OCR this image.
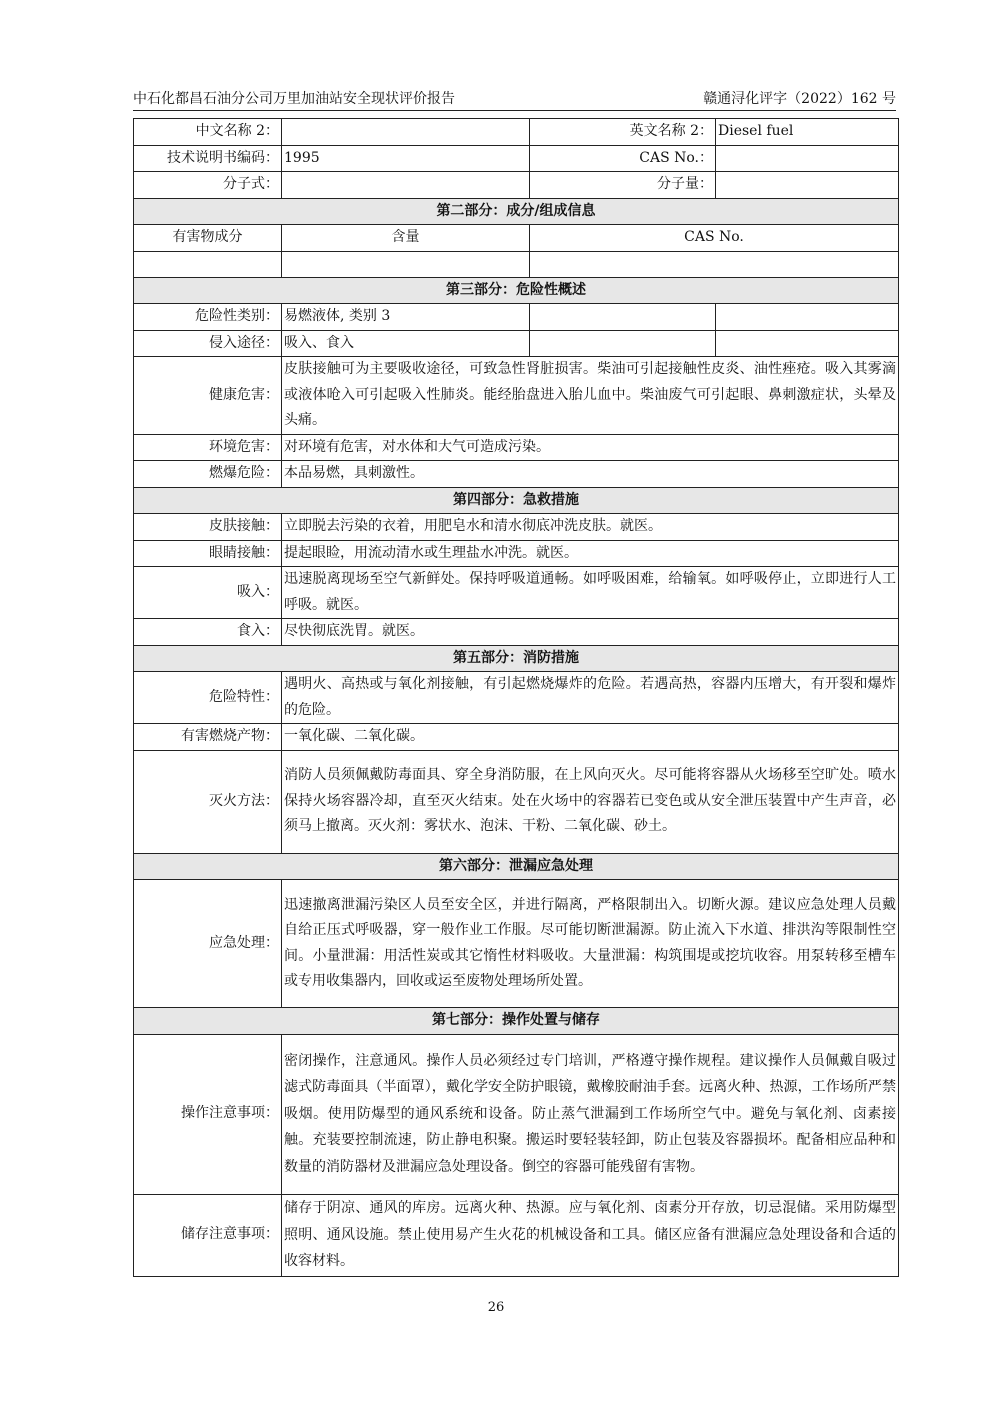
中石化都昌石油分公司万里加油站安全现状评价报告	赣通浔化评字（2022）162 号
中文名称 2：		英文名称 2：	Diesel fuel
技术说明书编码：	1995	CAS No.：	
分子式：		分子量：	
第二部分：成分/组成信息			
有害物成分	含量	CAS No.	

第三部分：危险性概述			
危险性类别：	易燃液体, 类别 3		
侵入途径：	吸入、食入		
健康危害：	皮肤接触可为主要吸收途径，可致急性肾脏损害。柴油可引起接触性皮炎、油性痤疮。吸入其雾滴或液体呛入可引起吸入性肺炎。能经胎盘进入胎儿血中。柴油废气可引起眼、鼻刺激症状，头晕及头痛。		
环境危害：	对环境有危害，对水体和大气可造成污染。		
燃爆危险：	本品易燃，具刺激性。		
第四部分：急救措施			
皮肤接触：	立即脱去污染的衣着，用肥皂水和清水彻底冲洗皮肤。就医。		
眼睛接触：	提起眼睑，用流动清水或生理盐水冲洗。就医。		
吸入：	迅速脱离现场至空气新鲜处。保持呼吸道通畅。如呼吸困难，给输氧。如呼吸停止，立即进行人工呼吸。就医。		
食入：	尽快彻底洗胃。就医。		
第五部分：消防措施			
危险特性：	遇明火、高热或与氧化剂接触，有引起燃烧爆炸的危险。若遇高热，容器内压增大，有开裂和爆炸的危险。		
有害燃烧产物：	一氧化碳、二氧化碳。		
灭火方法：	消防人员须佩戴防毒面具、穿全身消防服，在上风向灭火。尽可能将容器从火场移至空旷处。喷水保持火场容器冷却，直至灭火结束。处在火场中的容器若已变色或从安全泄压装置中产生声音，必须马上撤离。灭火剂：雾状水、泡沫、干粉、二氧化碳、砂土。		
第六部分：泄漏应急处理			
应急处理：	迅速撤离泄漏污染区人员至安全区，并进行隔离，严格限制出入。切断火源。建议应急处理人员戴自给正压式呼吸器，穿一般作业工作服。尽可能切断泄漏源。防止流入下水道、排洪沟等限制性空间。小量泄漏：用活性炭或其它惰性材料吸收。大量泄漏：构筑围堤或挖坑收容。用泵转移至槽车或专用收集器内，回收或运至废物处理场所处置。		
第七部分：操作处置与储存			
操作注意事项：	密闭操作，注意通风。操作人员必须经过专门培训，严格遵守操作规程。建议操作人员佩戴自吸过滤式防毒面具（半面罩），戴化学安全防护眼镜，戴橡胶耐油手套。远离火种、热源，工作场所严禁吸烟。使用防爆型的通风系统和设备。防止蒸气泄漏到工作场所空气中。避免与氧化剂、卤素接触。充装要控制流速，防止静电积聚。搬运时要轻装轻卸，防止包装及容器损坏。配备相应品种和数量的消防器材及泄漏应急处理设备。倒空的容器可能残留有害物。		
储存注意事项：	储存于阴凉、通风的库房。远离火种、热源。应与氧化剂、卤素分开存放，切忌混储。采用防爆型照明、通风设施。禁止使用易产生火花的机械设备和工具。储区应备有泄漏应急处理设备和合适的收容材料。		
26
